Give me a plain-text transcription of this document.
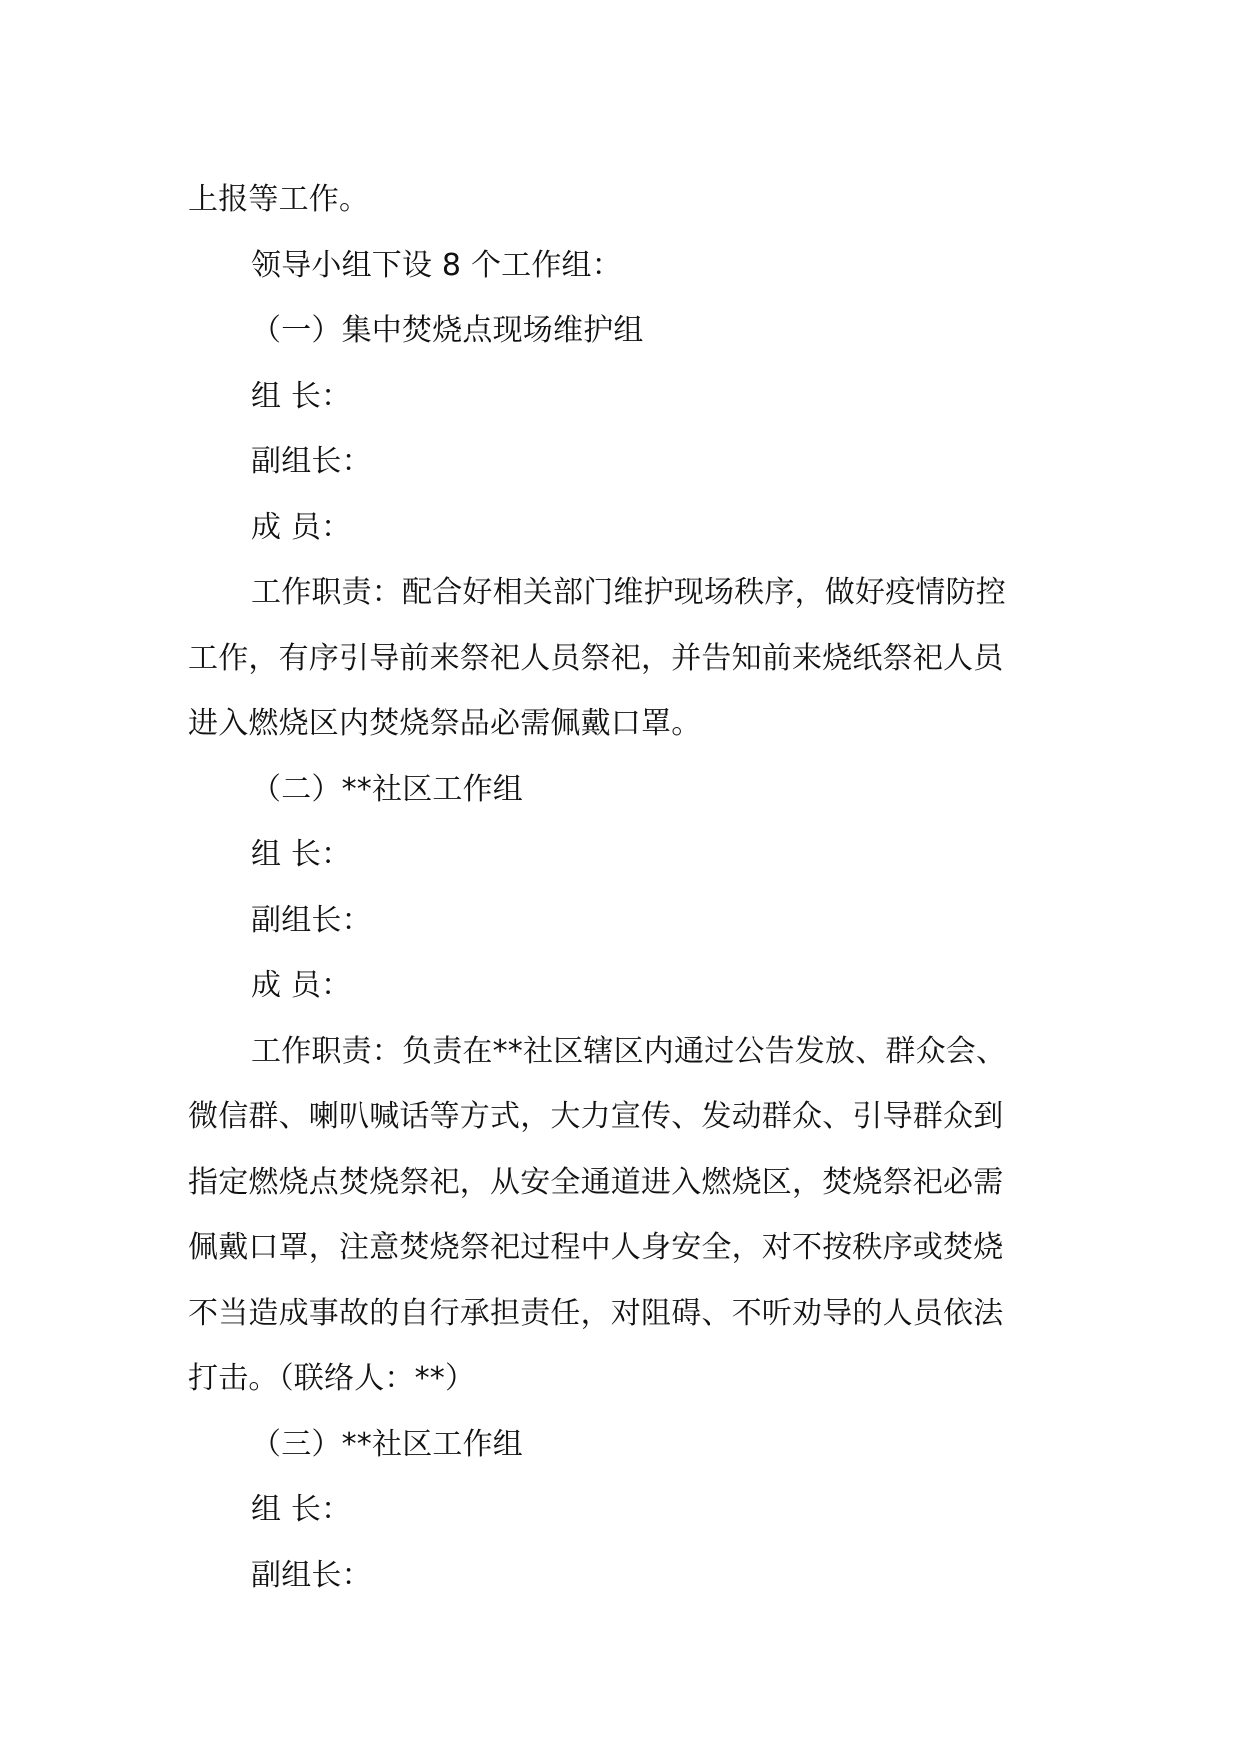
上报等工作。
领导小组下设 8 个工作组：
（一）集中焚烧点现场维护组
组 长：
副组长：
成 员：
工作职责：配合好相关部门维护现场秩序，做好疫情防控
工作，有序引导前来祭祀人员祭祀，并告知前来烧纸祭祀人员
进入燃烧区内焚烧祭品必需佩戴口罩。
（二）**社区工作组
组 长：
副组长：
成 员：
工作职责：负责在**社区辖区内通过公告发放、群众会、
微信群、喇叭喊话等方式，大力宣传、发动群众、引导群众到
指定燃烧点焚烧祭祀，从安全通道进入燃烧区，焚烧祭祀必需
佩戴口罩，注意焚烧祭祀过程中人身安全，对不按秩序或焚烧
不当造成事故的自行承担责任，对阻碍、不听劝导的人员依法
打击。（联络人：**）
（三）**社区工作组
组 长：
副组长：
